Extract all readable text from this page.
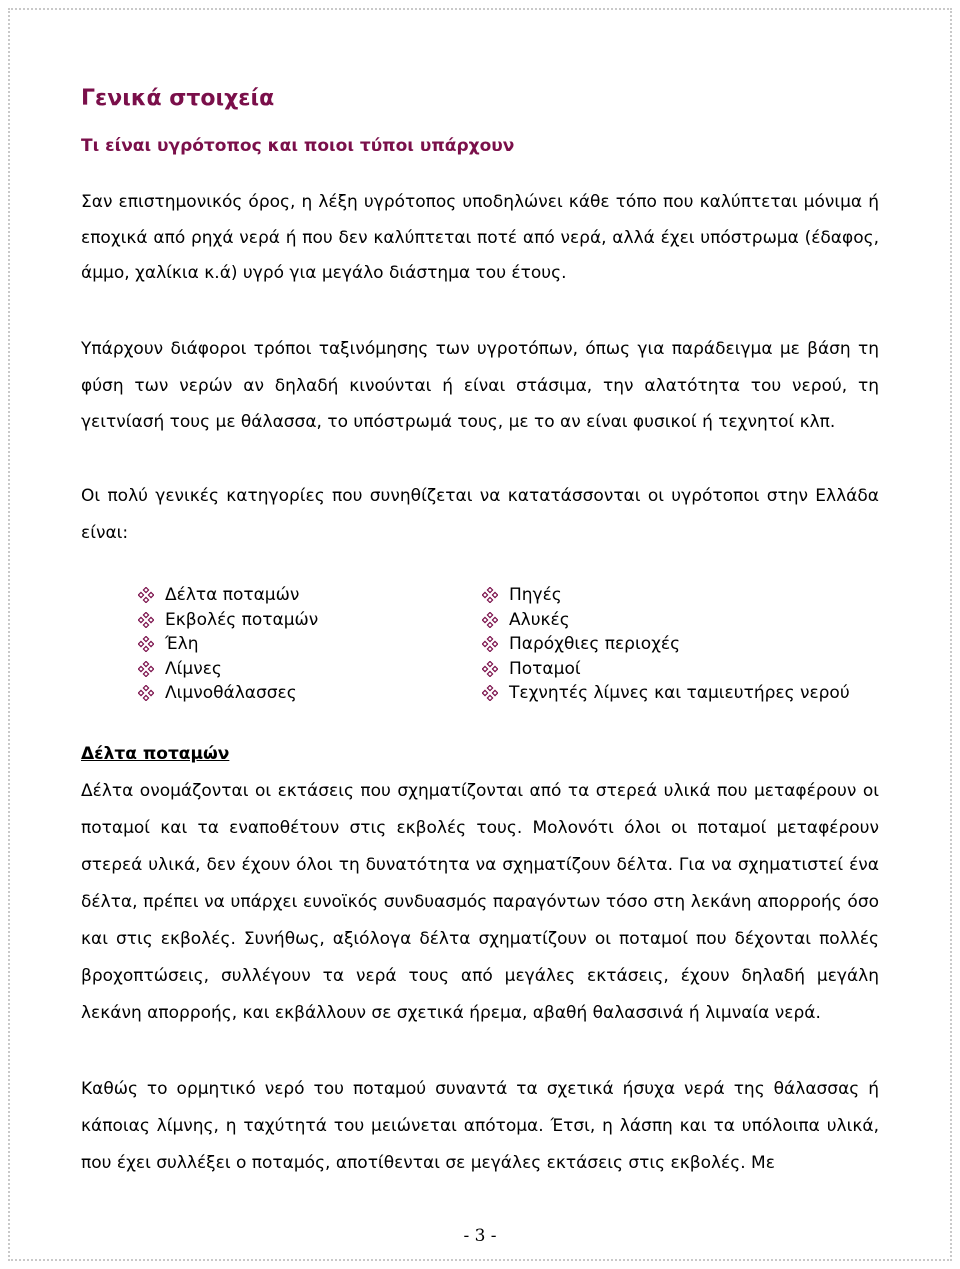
Γενικά στοιχεία
Τι είναι υγρότοπος και ποιοι τύποι υπάρχουν

Σαν επιστημονικός όρος, η λέξη υγρότοπος υποδηλώνει κάθε τόπο που καλύπτεται μόνιμα ή εποχικά από ρηχά νερά ή που δεν καλύπτεται ποτέ από νερά, αλλά έχει υπόστρωμα (έδαφος, άμμο, χαλίκια κ.ά) υγρό για μεγάλο διάστημα του έτους.

Υπάρχουν διάφοροι τρόποι ταξινόμησης των υγροτόπων, όπως για παράδειγμα με βάση τη φύση των νερών αν δηλαδή κινούνται ή είναι στάσιμα, την αλατότητα του νερού, τη γειτνίασή τους με θάλασσα, το υπόστρωμά τους, με το αν είναι φυσικοί ή τεχνητοί κλπ.

Οι πολύ γενικές κατηγορίες που συνηθίζεται να κατατάσσονται οι υγρότοποι στην Ελλάδα είναι:

Δέλτα ποταμών
Εκβολές ποταμών
Έλη
Λίμνες
Λιμνοθάλασσες
Πηγές
Αλυκές
Παρόχθιες περιοχές
Ποταμοί
Τεχνητές λίμνες και ταμιευτήρες νερού
Δέλτα ποταμών

Δέλτα ονομάζονται οι εκτάσεις που σχηματίζονται από τα στερεά υλικά που μεταφέρουν οι ποταμοί και τα εναποθέτουν στις εκβολές τους. Μολονότι όλοι οι ποταμοί μεταφέρουν στερεά υλικά, δεν έχουν όλοι τη δυνατότητα να σχηματίζουν δέλτα. Για να σχηματιστεί ένα δέλτα, πρέπει να υπάρχει ευνοϊκός συνδυασμός παραγόντων τόσο στη λεκάνη απορροής όσο και στις εκβολές. Συνήθως, αξιόλογα δέλτα σχηματίζουν οι ποταμοί που δέχονται πολλές βροχοπτώσεις, συλλέγουν τα νερά τους από μεγάλες εκτάσεις, έχουν δηλαδή μεγάλη λεκάνη απορροής, και εκβάλλουν σε σχετικά ήρεμα, αβαθή θαλασσινά ή λιμναία νερά.

Καθώς το ορμητικό νερό του ποταμού συναντά τα σχετικά ήσυχα νερά της θάλασσας ή κάποιας λίμνης, η ταχύτητά του μειώνεται απότομα. Έτσι, η λάσπη και τα υπόλοιπα υλικά, που έχει συλλέξει ο ποταμός, αποτίθενται σε μεγάλες εκτάσεις στις εκβολές. Με

- 3 -
